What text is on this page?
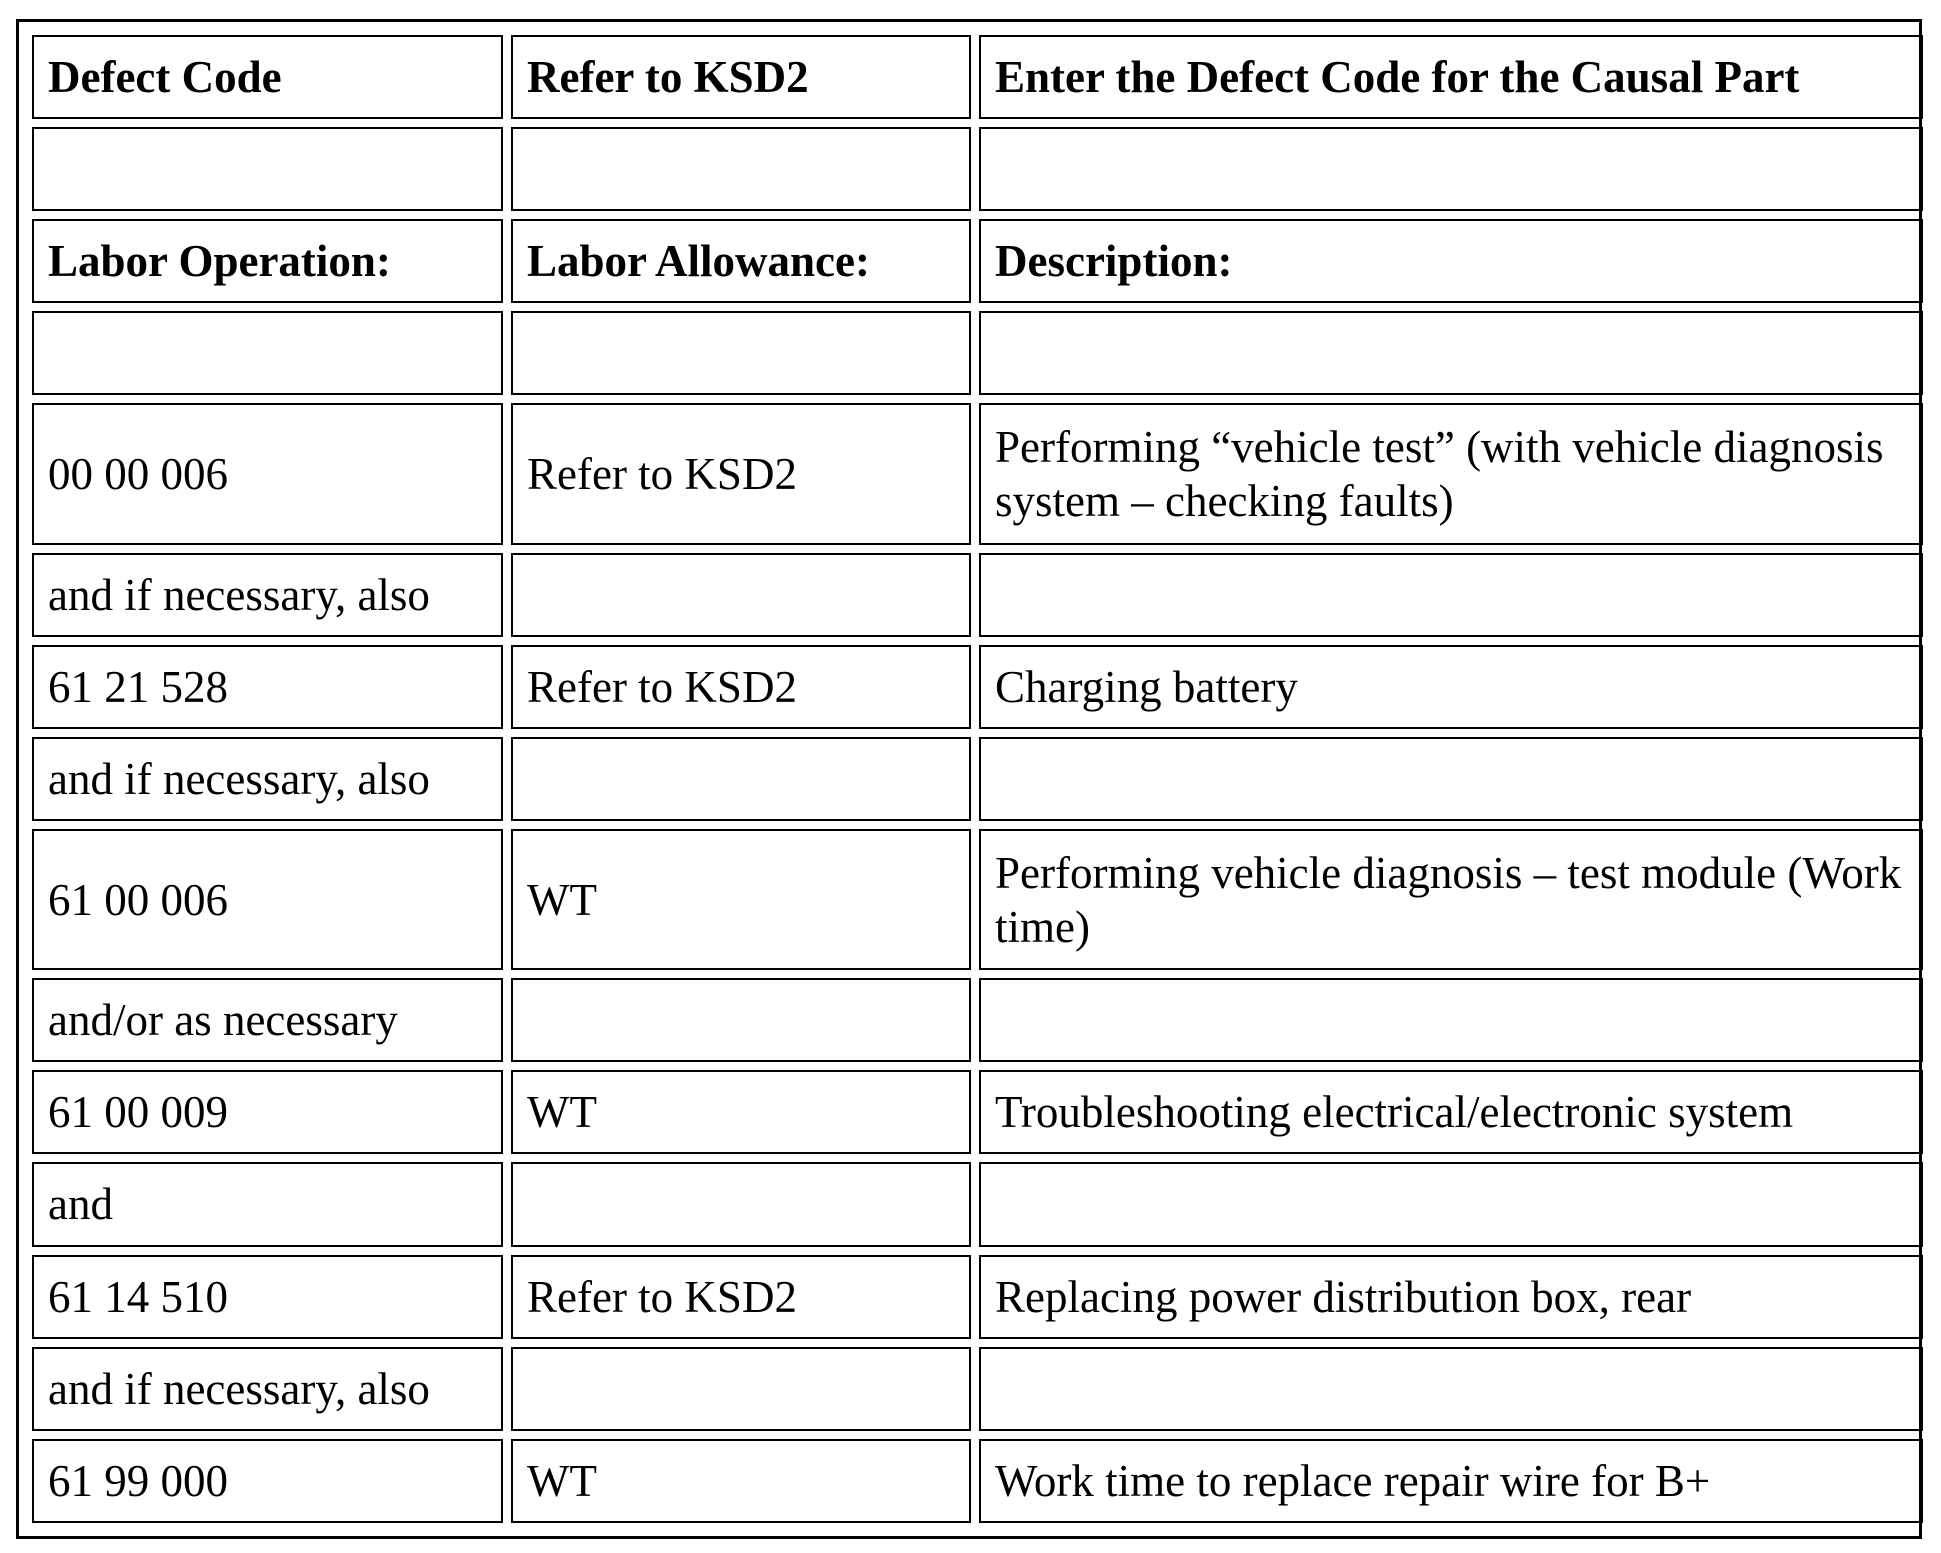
Defect Code	Refer to KSD2	Enter the Defect Code for the Causal Part

Labor Operation:	Labor Allowance:	Description:

00 00 006	Refer to KSD2	Performing “vehicle test” (with vehicle diagnosis system – checking faults)
and if necessary, also		
61 21 528	Refer to KSD2	Charging battery
and if necessary, also		
61 00 006	WT	Performing vehicle diagnosis – test module (Work time)
and/or as necessary		
61 00 009	WT	Troubleshooting electrical/electronic system
and		
61 14 510	Refer to KSD2	Replacing power distribution box, rear
and if necessary, also		
61 99 000	WT	Work time to replace repair wire for B+
